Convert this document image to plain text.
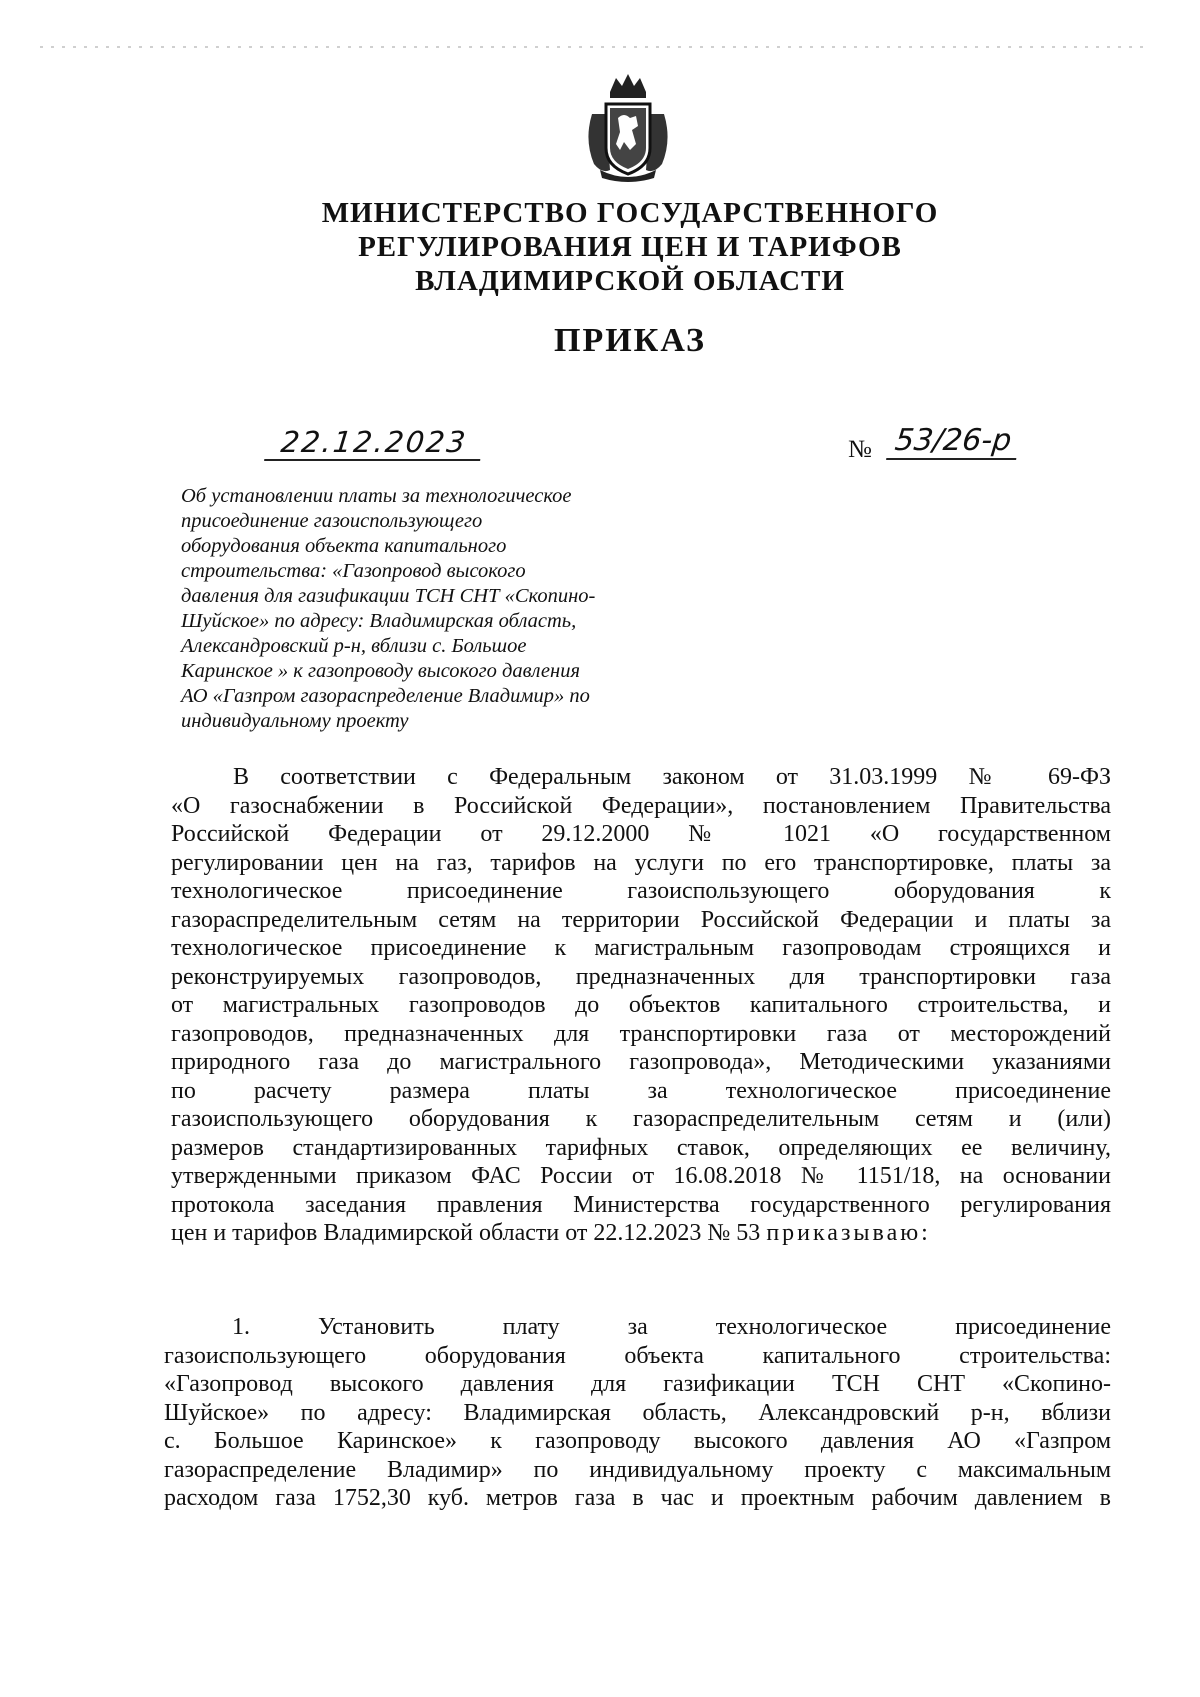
МИНИСТЕРСТВО ГОСУДАРСТВЕННОГО
РЕГУЛИРОВАНИЯ ЦЕН И ТАРИФОВ
ВЛАДИМИРСКОЙ ОБЛАСТИ
ПРИКАЗ
22.12.2023	№ 53/26-р
Об установлении платы за технологическое
присоединение газоиспользующего
оборудования объекта капитального
строительства: «Газопровод высокого
давления для газификации ТСН СНТ «Скопино-
Шуйское» по адресу: Владимирская область,
Александровский р-н, вблизи с. Большое
Каринское » к газопроводу высокого давления
АО «Газпром газораспределение Владимир» по
индивидуальному проекту
В соответствии с Федеральным законом от 31.03.1999 № 69-ФЗ
«О газоснабжении в Российской Федерации», постановлением Правительства
Российской Федерации от 29.12.2000 № 1021 «О государственном
регулировании цен на газ, тарифов на услуги по его транспортировке, платы за
технологическое присоединение газоиспользующего оборудования к
газораспределительным сетям на территории Российской Федерации и платы за
технологическое присоединение к магистральным газопроводам строящихся и
реконструируемых газопроводов, предназначенных для транспортировки газа
от магистральных газопроводов до объектов капитального строительства, и
газопроводов, предназначенных для транспортировки газа от месторождений
природного газа до магистрального газопровода», Методическими указаниями
по расчету размера платы за технологическое присоединение
газоиспользующего оборудования к газораспределительным сетям и (или)
размеров стандартизированных тарифных ставок, определяющих ее величину,
утвержденными приказом ФАС России от 16.08.2018 № 1151/18, на основании
протокола заседания правления Министерства государственного регулирования
цен и тарифов Владимирской области от 22.12.2023 № 53 приказываю:
1. Установить плату за технологическое присоединение
газоиспользующего оборудования объекта капитального строительства:
«Газопровод высокого давления для газификации ТСН СНТ «Скопино-
Шуйское» по адресу: Владимирская область, Александровский р-н, вблизи
с. Большое Каринское» к газопроводу высокого давления АО «Газпром
газораспределение Владимир» по индивидуальному проекту с максимальным
расходом газа 1752,30 куб. метров газа в час и проектным рабочим давлением в
